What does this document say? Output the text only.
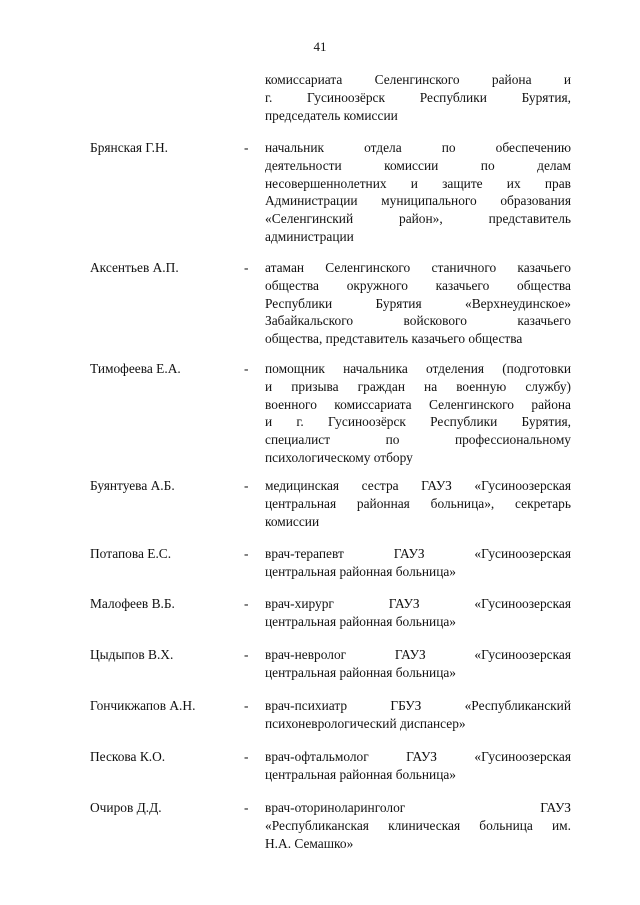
41
комиссариата Селенгинского района и
г. Гусиноозёрск Республики Бурятия,
председатель комиссии
Брянская Г.Н.	- начальник отдела по обеспечению
деятельности комиссии по делам
несовершеннолетних и защите их прав
Администрации муниципального образования
«Селенгинский район», представитель
администрации
Аксентьев А.П.	- атаман Селенгинского станичного казачьего
общества окружного казачьего общества
Республики Бурятия «Верхнеудинское»
Забайкальского войскового казачьего
общества, представитель казачьего общества
Тимофеева Е.А.	- помощник начальника отделения (подготовки
и призыва граждан на военную службу)
военного комиссариата Селенгинского района
и г. Гусиноозёрск Республики Бурятия,
специалист по профессиональному
психологическому отбору
Буянтуева А.Б.	- медицинская сестра ГАУЗ «Гусиноозерская
центральная районная больница», секретарь
комиссии
Потапова Е.С.	- врач-терапевт ГАУЗ «Гусиноозерская
центральная районная больница»
Малофеев В.Б.	- врач-хирург ГАУЗ «Гусиноозерская
центральная районная больница»
Цыдыпов В.Х.	- врач-невролог ГАУЗ «Гусиноозерская
центральная районная больница»
Гончикжапов А.Н.	- врач-психиатр ГБУЗ «Республиканский
психоневрологический диспансер»
Пескова К.О.	- врач-офтальмолог ГАУЗ «Гусиноозерская
центральная районная больница»
Очиров Д.Д.	- врач-оториноларинголог ГАУЗ
«Республиканская клиническая больница им.
Н.А. Семашко»
